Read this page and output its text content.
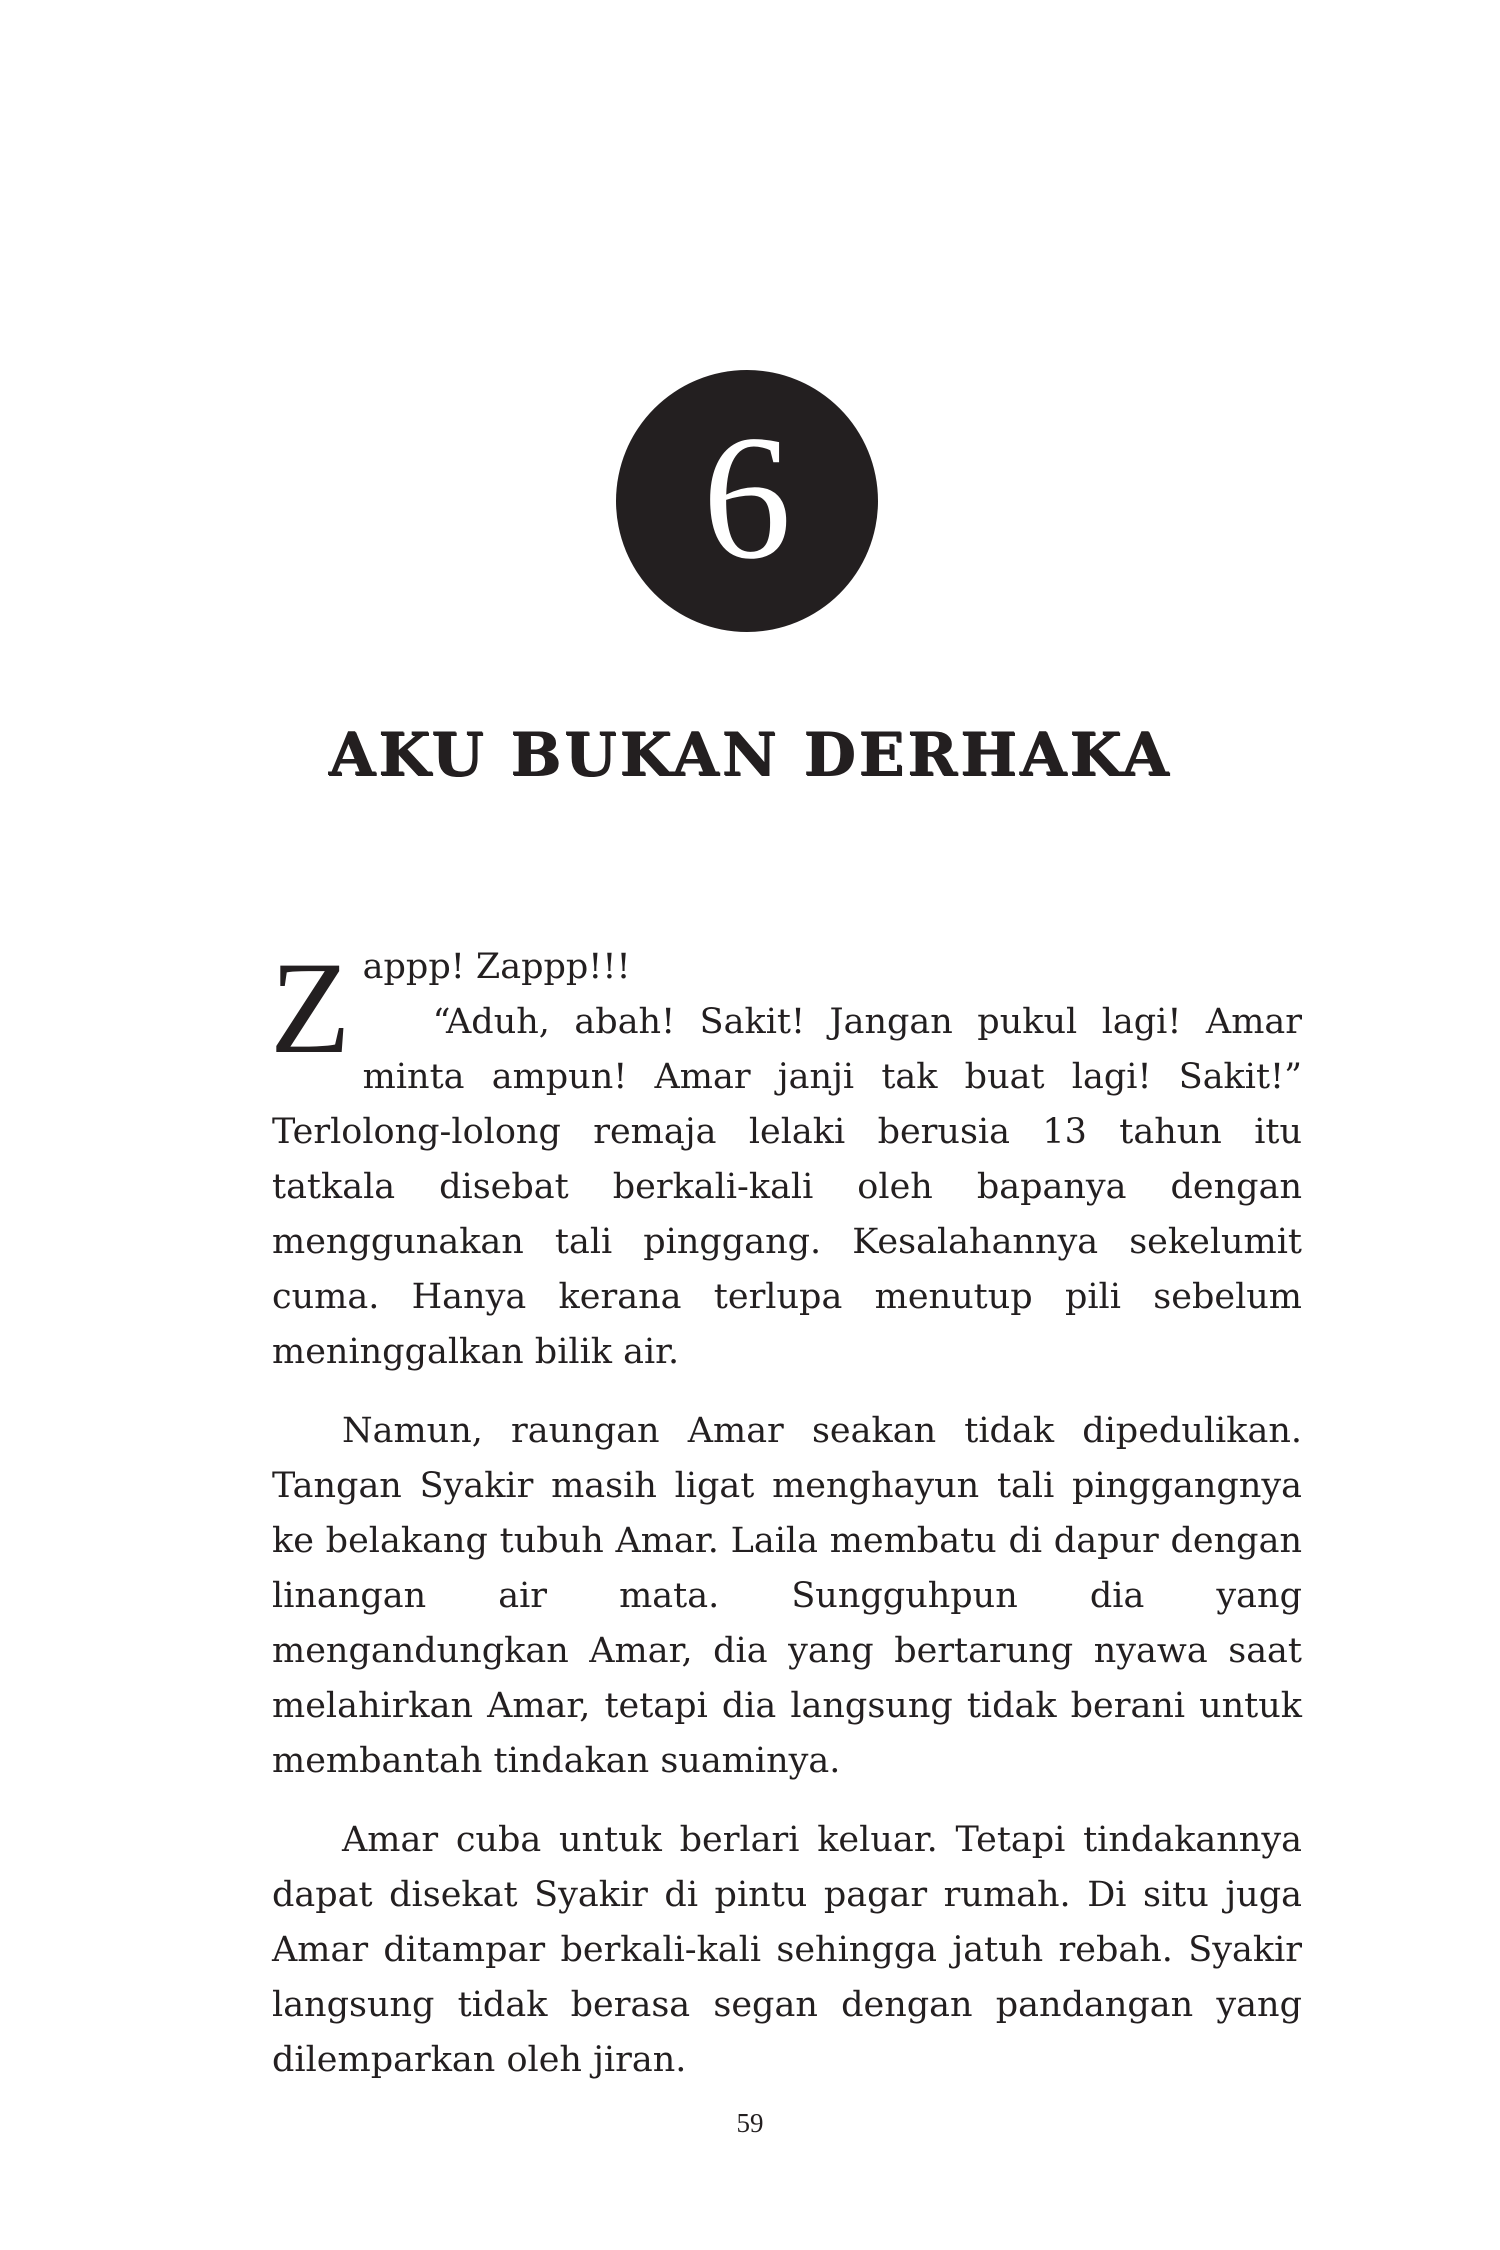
6
AKU BUKAN DERHAKA
Z appp! Zappp!!!
“Aduh, abah! Sakit! Jangan pukul lagi! Amar minta ampun! Amar janji tak buat lagi! Sakit!” Terlolong-lolong remaja lelaki berusia 13 tahun itu tatkala disebat berkali-kali oleh bapanya dengan menggunakan tali pinggang. Kesalahannya sekelumit cuma. Hanya kerana terlupa menutup pili sebelum meninggalkan bilik air.

Namun, raungan Amar seakan tidak dipedulikan. Tangan Syakir masih ligat menghayun tali pinggangnya ke belakang tubuh Amar. Laila membatu di dapur dengan linangan air mata. Sungguhpun dia yang mengandungkan Amar, dia yang bertarung nyawa saat melahirkan Amar, tetapi dia langsung tidak berani untuk membantah tindakan suaminya.

Amar cuba untuk berlari keluar. Tetapi tindakannya dapat disekat Syakir di pintu pagar rumah. Di situ juga Amar ditampar berkali-kali sehingga jatuh rebah. Syakir langsung tidak berasa segan dengan pandangan yang dilemparkan oleh jiran.

59
